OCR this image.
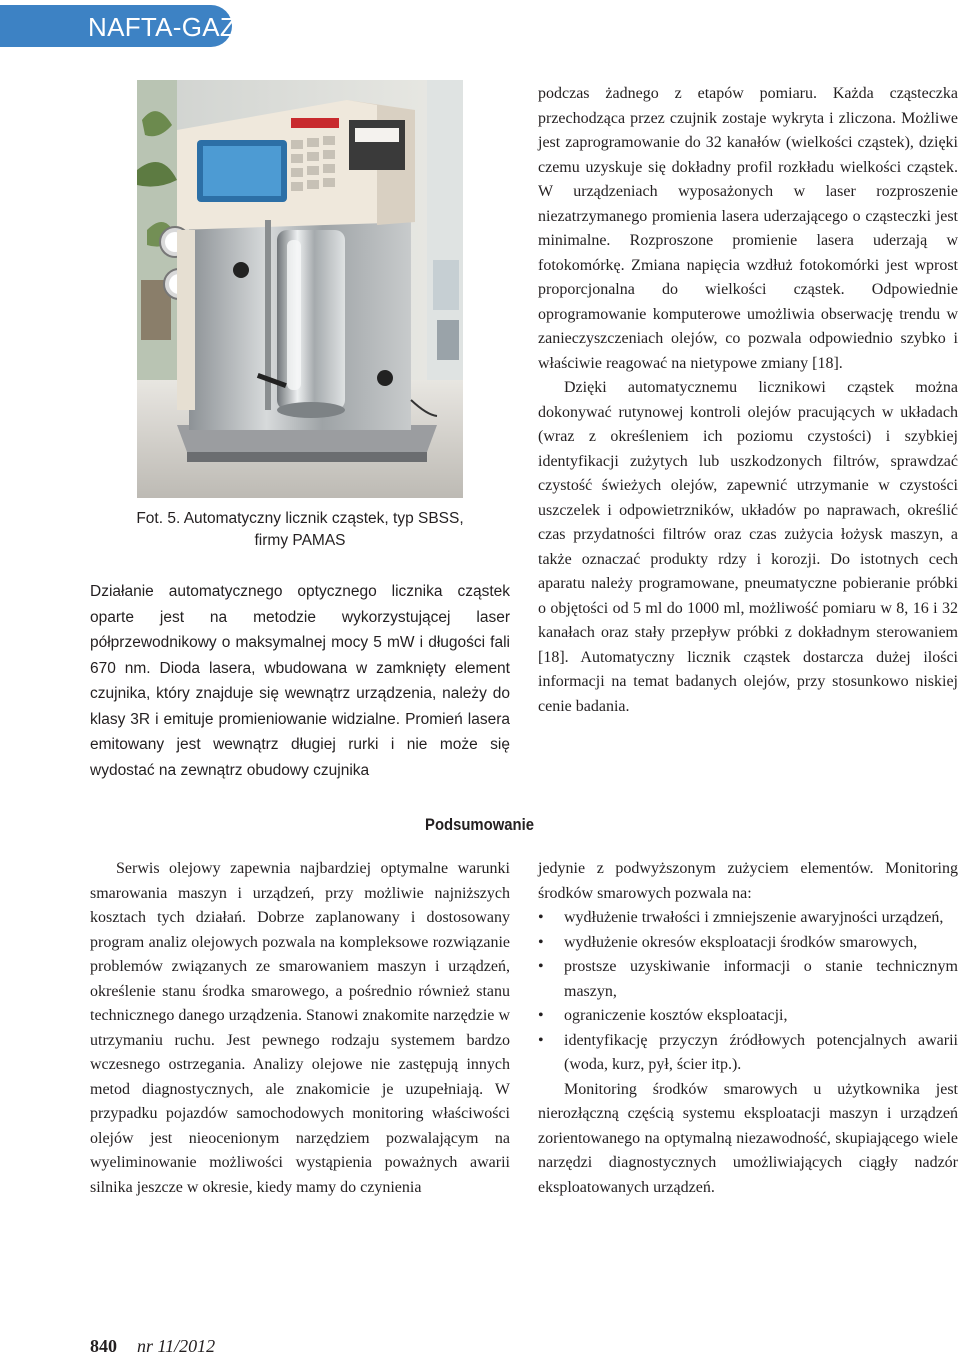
NAFTA-GAZ
Fot. 5. Automatyczny licznik cząstek, typ SBSS,
firmy PAMAS

Działanie automatycznego optycznego licznika cząstek oparte jest na metodzie wykorzystującej laser półprzewodnikowy o maksymalnej mocy 5 mW i długości fali 670 nm. Dioda lasera, wbudowana w zamknięty element czujnika, który znajduje się wewnątrz urządzenia, należy do klasy 3R i emituje promieniowanie widzialne. Promień lasera emitowany jest wewnątrz długiej rurki i nie może się wydostać na zewnątrz obudowy czujnika

podczas żadnego z etapów pomiaru. Każda cząsteczka przechodząca przez czujnik zostaje wykryta i zliczona. Możliwe jest zaprogramowanie do 32 kanałów (wielkości cząstek), dzięki czemu uzyskuje się dokładny profil rozkładu wielkości cząstek. W urządzeniach wyposażonych w laser rozproszenie niezatrzymanego promienia lasera uderzającego o cząsteczki jest minimalne. Rozproszone promienie lasera uderzają w fotokomórkę. Zmiana napięcia wzdłuż fotokomórki jest wprost proporcjonalna do wielkości cząstek. Odpowiednie oprogramowanie komputerowe umożliwia obserwację trendu w zanieczyszczeniach olejów, co pozwala odpowiednio szybko i właściwie reagować na nietypowe zmiany [18].

Dzięki automatycznemu licznikowi cząstek można dokonywać rutynowej kontroli olejów pracujących w układach (wraz z określeniem ich poziomu czystości) i szybkiej identyfikacji zużytych lub uszkodzonych filtrów, sprawdzać czystość świeżych olejów, zapewnić utrzymanie w czystości uszczelek i odpowietrzników, układów po naprawach, określić czas przydatności filtrów oraz czas zużycia łożysk maszyn, a także oznaczać produkty rdzy i korozji. Do istotnych cech aparatu należy programowane, pneumatyczne pobieranie próbki o objętości od 5 ml do 1000 ml, możliwość pomiaru w 8, 16 i 32 kanałach oraz stały przepływ próbki z dokładnym sterowaniem [18]. Automatyczny licznik cząstek dostarcza dużej ilości informacji na temat badanych olejów, przy stosunkowo niskiej cenie badania.

Podsumowanie

Serwis olejowy zapewnia najbardziej optymalne warunki smarowania maszyn i urządzeń, przy możliwie najniższych kosztach tych działań. Dobrze zaplanowany i dostosowany program analiz olejowych pozwala na kompleksowe rozwiązanie problemów związanych ze smarowaniem maszyn i urządzeń, określenie stanu środka smarowego, a pośrednio również stanu technicznego danego urządzenia. Stanowi znakomite narzędzie w utrzymaniu ruchu. Jest pewnego rodzaju systemem bardzo wczesnego ostrzegania. Analizy olejowe nie zastępują innych metod diagnostycznych, ale znakomicie je uzupełniają. W przypadku pojazdów samochodowych monitoring właściwości olejów jest nieocenionym narzędziem pozwalającym na wyeliminowanie możliwości wystąpienia poważnych awarii silnika jeszcze w okresie, kiedy mamy do czynienia

jedynie z podwyższonym zużyciem elementów. Monitoring środków smarowych pozwala na:

• wydłużenie trwałości i zmniejszenie awaryjności urządzeń,
• wydłużenie okresów eksploatacji środków smarowych,
• prostsze uzyskiwanie informacji o stanie technicznym maszyn,
• ograniczenie kosztów eksploatacji,
• identyfikację przyczyn źródłowych potencjalnych awarii (woda, kurz, pył, ścier itp.).

Monitoring środków smarowych u użytkownika jest nierozłączną częścią systemu eksploatacji maszyn i urządzeń zorientowanego na optymalną niezawodność, skupiającego wiele narzędzi diagnostycznych umożliwiających ciągły nadzór eksploatowanych urządzeń.

840 nr 11/2012
